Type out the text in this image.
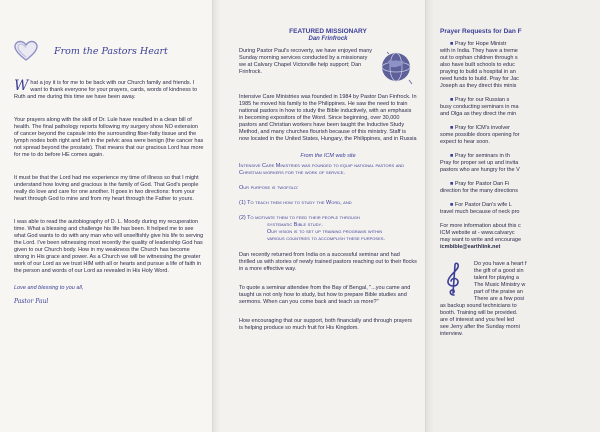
From the Pastors Heart

What a joy it is for me to be back with our Church family and friends. I want to thank everyone for your prayers, cards, words of kindness to Ruth and me during this time we have been away.

Your prayers along with the skill of Dr. Lule have resulted in a clean bill of health. The final pathology reports following my surgery show NO extension of cancer beyond the capsule into the surrounding fiber-fatty tissue and the lymph nodes both right and left in the pelvic area were benign (the cancer has not spread beyond the prostate). That means that our gracious Lord has more for me to do before HE comes again.

It must be that the Lord had me experience my time of illness so that I might understand how loving and gracious is the family of God. That God's people really do love and care for one another. It goes in two directions: from your heart through God to mine and from my heart through the Father to yours.

I was able to read the autobiography of D. L. Moody during my recuperation time. What a blessing and challenge his life has been. It helped me to see what God wants to do with any man who will unselfishly give his life to serving the Lord. I've been witnessing most recently the quality of leadership God has given to our Church body. How in my weakness the Church has become strong in His grace and power. As a Church we will be witnessing the greater work of our Lord as we trust HIM with all or hearts and pursue a life of faith in the person and words of our Lord as revealed in His Holy Word.

Love and blessing to you all,

Pastor Paul
FEATURED MISSIONARY
Dan Frinfrock

During Pastor Paul's recoverty, we have enjoyed many Sunday morning services conducted by a missionary we at Calvary Chapel Victorville help support; Dan Frinfrock.

Intensive Care Ministries was founded in 1984 by Pastor Dan Finfrock. In 1985 he moved his family to the Philippines. He saw the need to train national pastors in how to study the Bible inductively, with an emphasis in becoming expositors of the Word. Since beginning, over 30,000 pastors and Christian workers have been taught the Inductive Study Method, and many churches flourish because of this ministry. Staff is now located in the United States, Hungary, the Philippines, and in Russia

From the ICM web site

Intensive Care Ministries was founded to equip national pastors and Christian workers for the work of service.

Our purpose is twofold:

(1) To teach them how to study the Word, and
(2) To motivate them to feed their people through
systematic Bible study.
Our vision is to set up training programs within
various countries to accomplish these purposes.

Dan recently returned from India on a successful seminar and had thrilled us with stories of newly trained pastors reaching out to their flocks in a more effective way.

To quote a seminar attendee from the Bay of Bengal, "...you came and taught us not only how to study, but how to prepare Bible studies and sermons. When can you come back and teach us more?"

How encouraging that our support, both financially and through prayers is helping produce so much fruit for His Kingdom.

Prayer Requests for Dan F
■ Pray for Hope Ministr
with in India. They have a treme
out to orphan children through s
also have built schools to educ
praying to build a hospital in an
need funds to build. Pray for Jac
Joseph as they direct this minis
■ Pray for our Russian s
busy conducting seminars in ma
and Olga as they direct the min
■ Pray for ICM's involver
some possible doors opening for
expect to hear soon.
■ Pray for seminars in th
Pray for proper set up and invita
pastors who are hungry for the V
■ Pray for Pastor Dan Fi
direction for the many directions
■ For Pastor Dan's wife L
travel much because of neck pro
For more information about this c
ICM website at - www.calvaryc
may want to write and encourage
icmbible@earthlink.net
Do you have a heart f
the gift of a good sin
talent for playing a
The Music Ministry w
part of the praise an
There are a few posi
as backup sound technicians to
booth. Training will be provided.
are of interest and you feel led
see Jerry after the Sunday morni
interview.
